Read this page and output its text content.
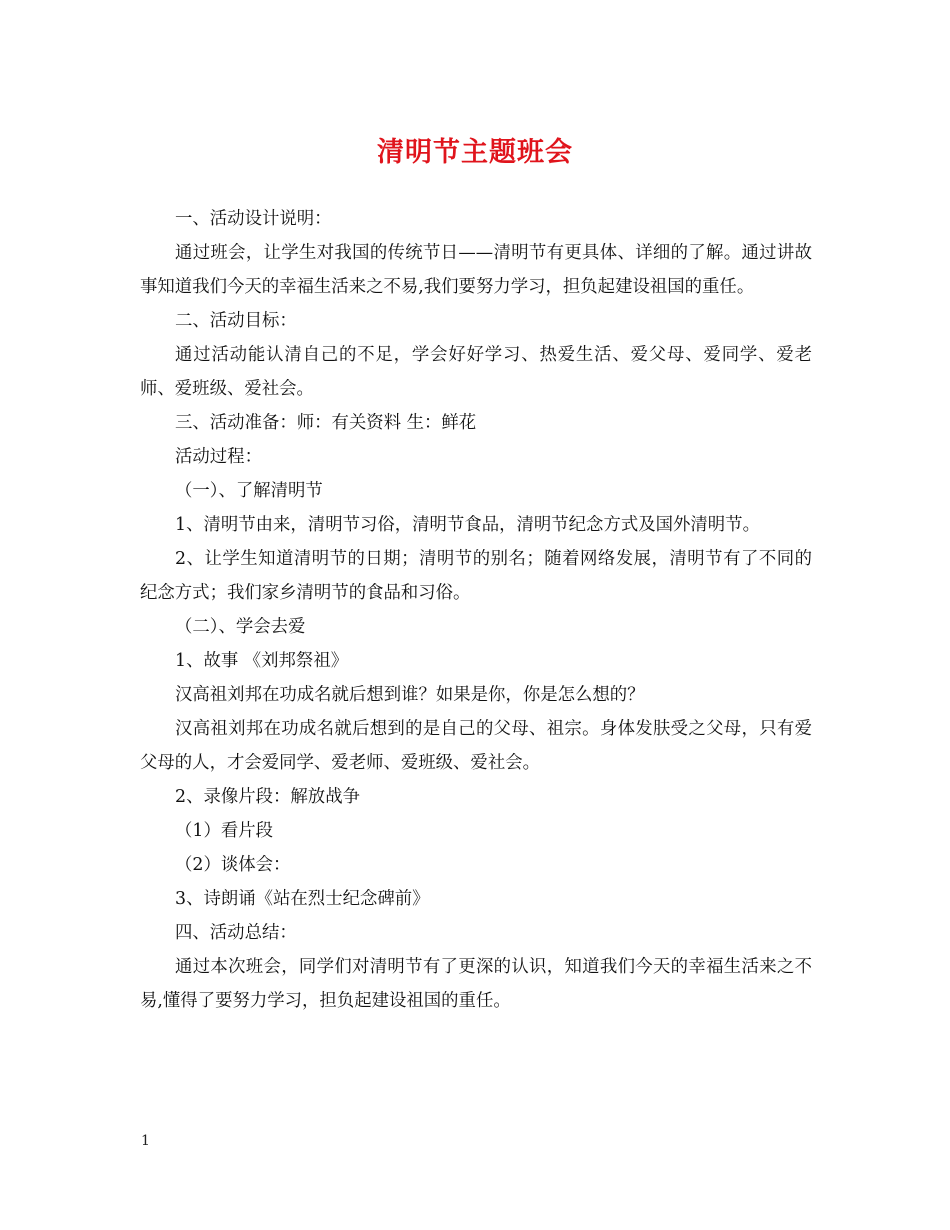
清明节主题班会

一、活动设计说明：

通过班会，让学生对我国的传统节日——清明节有更具体、详细的了解。通过讲故事知道我们今天的幸福生活来之不易,我们要努力学习，担负起建设祖国的重任。

二、活动目标：

通过活动能认清自己的不足，学会好好学习、热爱生活、爱父母、爱同学、爱老师、爱班级、爱社会。

三、活动准备：师：有关资料 生：鲜花

活动过程：

（一）、了解清明节

1、清明节由来，清明节习俗，清明节食品，清明节纪念方式及国外清明节。

2、让学生知道清明节的日期；清明节的别名；随着网络发展，清明节有了不同的纪念方式；我们家乡清明节的食品和习俗。

（二）、学会去爱

1、故事 《刘邦祭祖》

汉高祖刘邦在功成名就后想到谁？如果是你，你是怎么想的？

汉高祖刘邦在功成名就后想到的是自己的父母、祖宗。身体发肤受之父母，只有爱父母的人，才会爱同学、爱老师、爱班级、爱社会。

2、录像片段：解放战争

（1）看片段

（2）谈体会：

3、诗朗诵《站在烈士纪念碑前》

四、活动总结：

通过本次班会，同学们对清明节有了更深的认识，知道我们今天的幸福生活来之不易,懂得了要努力学习，担负起建设祖国的重任。

1
